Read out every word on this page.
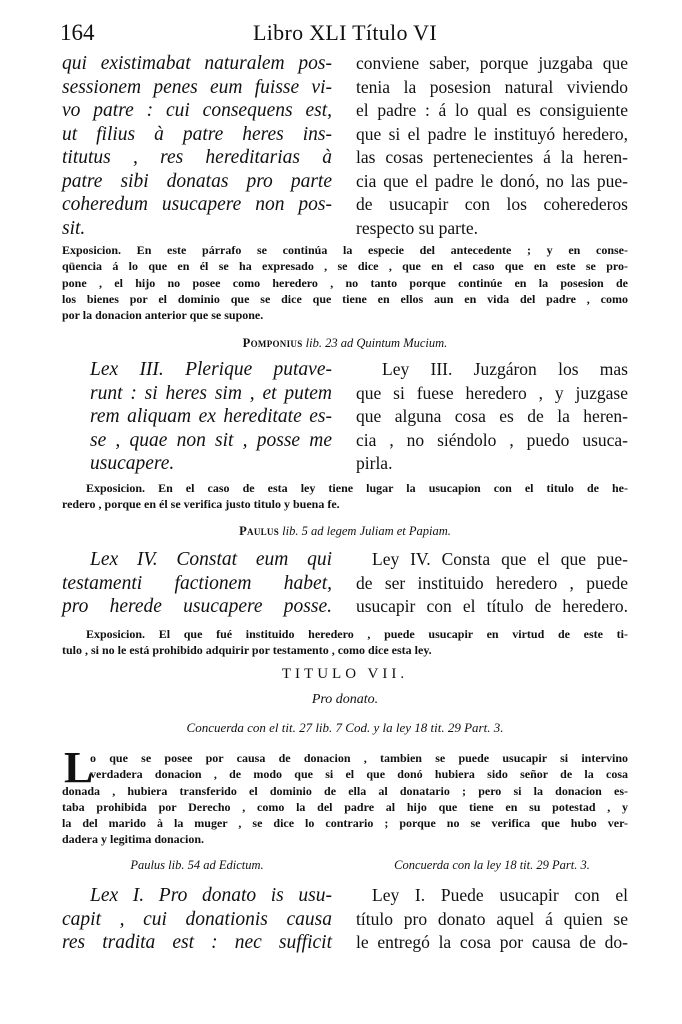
164	Libro XLI Título VI
qui existimabat naturalem pos-
sessionem penes eum fuisse vi-
vo patre : cui consequens est,
ut filius à patre heres ins-
titutus , res hereditarias à
patre sibi donatas pro parte
coheredum usucapere non pos-
sit.
conviene saber, porque juzgaba que
tenia la posesion natural viviendo
el padre : á lo qual es consiguiente
que si el padre le instituyó heredero,
las cosas pertenecientes á la heren-
cia que el padre le donó, no las pue-
de usucapir con los coherederos
respecto su parte.
Exposicion. En este párrafo se continúa la especie del antecedente ; y en conse-
qüencia á lo que en él se ha expresado , se dice , que en el caso que en este se pro-
pone , el hijo no posee como heredero , no tanto porque continúe en la posesion de
los bienes por el dominio que se dice que tiene en ellos aun en vida del padre , como
por la donacion anterior que se supone.
Pomponius lib. 23 ad Quintum Mucium.
Lex III. Plerique putave-
runt : si heres sim , et putem
rem aliquam ex hereditate es-
se , quae non sit , posse me
usucapere.
Ley III. Juzgáron los mas
que si fuese heredero , y juzgase
que alguna cosa es de la heren-
cia , no siéndolo , puedo usuca-
pirla.
Exposicion. En el caso de esta ley tiene lugar la usucapion con el titulo de he-
redero , porque en él se verifica justo titulo y buena fe.
Paulus lib. 5 ad legem Juliam et Papiam.
Lex IV. Constat eum qui
testamenti factionem habet,
pro herede usucapere posse.
Ley IV. Consta que el que pue-
de ser instituido heredero , puede
usucapir con el título de heredero.
Exposicion. El que fué instituido heredero , puede usucapir en virtud de este ti-
tulo , si no le está prohibido adquirir por testamento , como dice esta ley.
TITULO VII.
Pro donato.
Concuerda con el tit. 27 lib. 7 Cod. y la ley 18 tit. 29 Part. 3.
L
o que se posee por causa de donacion , tambien se puede usucapir si intervino
verdadera donacion , de modo que si el que donó hubiera sido señor de la cosa
donada , hubiera transferido el dominio de ella al donatario ; pero si la donacion es-
taba prohibida por Derecho , como la del padre al hijo que tiene en su potestad , y
la del marido à la muger , se dice lo contrario ; porque no se verifica que hubo ver-
dadera y legitima donacion.
Paulus lib. 54 ad Edictum.	Concuerda con la ley 18 tit. 29 Part. 3.
Lex I. Pro donato is usu-
capit , cui donationis causa
res tradita est : nec sufficit
Ley I. Puede usucapir con el
título pro donato aquel á quien se
le entregó la cosa por causa de do-
